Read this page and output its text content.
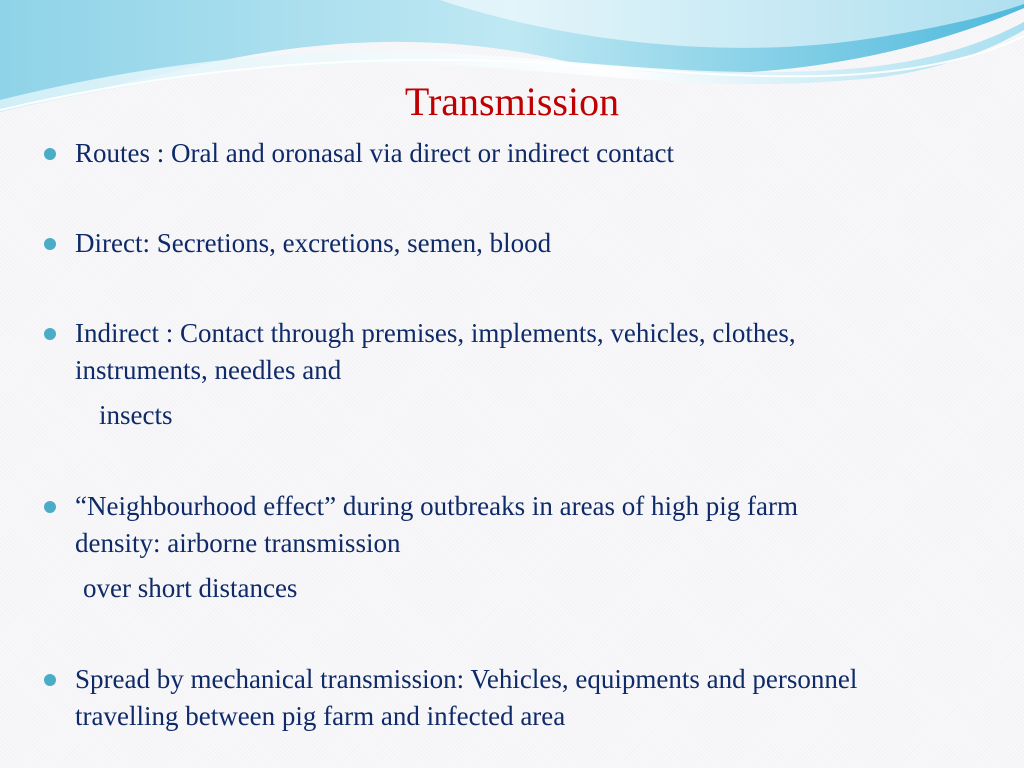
Transmission
Routes : Oral and oronasal via direct or indirect contact
Direct: Secretions, excretions, semen, blood
Indirect : Contact through premises, implements, vehicles, clothes,
instruments, needles and
insects
“Neighbourhood effect” during outbreaks in areas of high pig farm
density: airborne transmission
over short distances
Spread by mechanical transmission: Vehicles, equipments and personnel
travelling between pig farm and infected area
